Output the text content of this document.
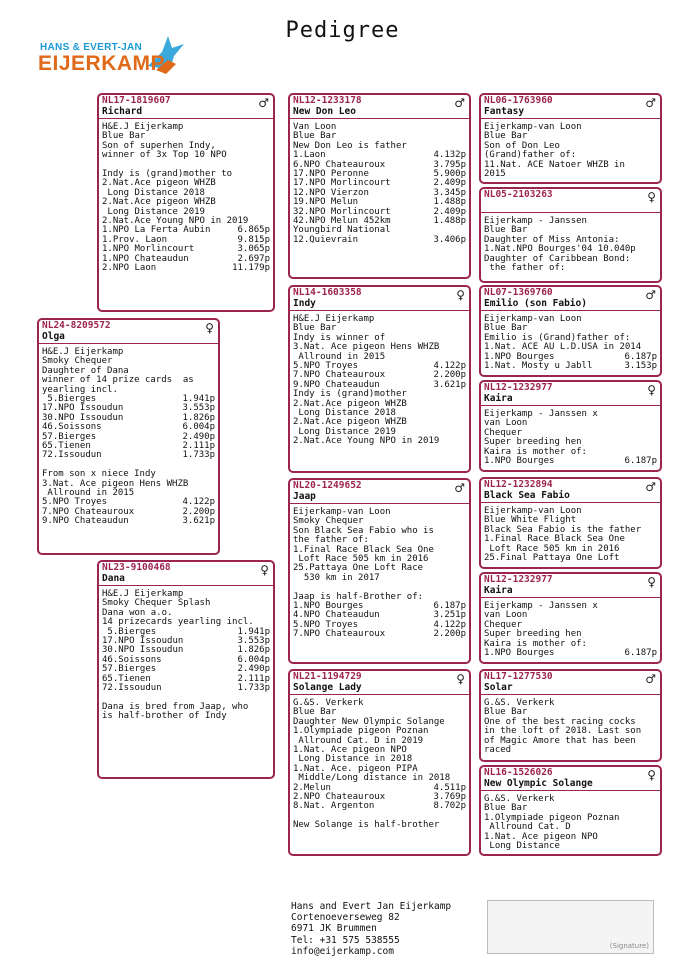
Pedigree
HANS & EVERT-JAN
EIJERKAMP
NL17-1819607
Richard
♂
H&E.J Eijerkamp
Blue Bar
Son of superhen Indy,
winner of 3x Top 10 NPO
Indy is (grand)mother to
2.Nat.Ace pigeon WHZB
Long Distance 2018
2.Nat.Ace pigeon WHZB
Long Distance 2019
2.Nat.Ace Young NPO in 2019
1.NPO La Ferta Aubin	6.865p
1.Prov. Laon	9.815p
1.NPO Morlincourt	3.065p
1.NPO Chateaudun	2.697p
2.NPO Laon	11.179p
NL12-1233178
New Don Leo
♂
Van Loon
Blue Bar
New Don Leo is father
1.Laon	4.132p
6.NPO Chateauroux	3.795p
17.NPO Peronne	5.900p
17.NPO Morlincourt	2.409p
12.NPO Vierzon	3.345p
19.NPO Melun	1.488p
32.NPO Morlincourt	2.409p
42.NPO Melun 452km	1.488p
Youngbird National
12.Quievrain	3.406p
NL06-1763960
Fantasy
♂
Eijerkamp-van Loon
Blue Bar
Son of Don Leo
(Grand)father of:
11.Nat. ACE Natoer WHZB in
2015
NL05-2103263	♀
Eijerkamp - Janssen
Blue Bar
Daughter of Miss Antonia:
1.Nat.NPO Bourges'04 10.040p
Daughter of Caribbean Bond:
the father of:
NL24-8209572
Olga
♀
H&E.J Eijerkamp
Smoky Chequer
Daughter of Dana
winner of 14 prize cards  as
yearling incl.
5.Bierges	1.941p
17.NPO Issoudun	3.553p
30.NPO Issoudun	1.826p
46.Soissons	6.004p
57.Bierges	2.490p
65.Tienen	2.111p
72.Issoudun	1.733p
From son x niece Indy
3.Nat. Ace pigeon Hens WHZB
Allround in 2015
5.NPO Troyes	4.122p
7.NPO Chateauroux	2.200p
9.NPO Chateaudun	3.621p
NL14-1603358
Indy
♀
H&E.J Eijerkamp
Blue Bar
Indy is winner of
3.Nat. Ace pigeon Hens WHZB
Allround in 2015
5.NPO Troyes	4.122p
7.NPO Chateauroux	2.200p
9.NPO Chateaudun	3.621p
Indy is (grand)mother
2.Nat.Ace pigeon WHZB
Long Distance 2018
2.Nat.Ace pigeon WHZB
Long Distance 2019
2.Nat.Ace Young NPO in 2019
NL07-1369760
Emilio (son Fabio)
♂
Eijerkamp-van Loon
Blue Bar
Emilio is (Grand)father of:
1.Nat. ACE AU L.D.USA in 2014
1.NPO Bourges	6.187p
1.Nat. Mosty u Jabll	3.153p
NL12-1232977
Kaira
♀
Eijerkamp - Janssen x
van Loon
Chequer
Super breeding hen
Kaira is mother of:
1.NPO Bourges	6.187p
NL23-9100468
Dana
♀
H&E.J Eijerkamp
Smoky Chequer Splash
Dana won a.o.
14 prizecards yearling incl.
5.Bierges	1.941p
17.NPO Issoudun	3.553p
30.NPO Issoudun	1.826p
46.Soissons	6.004p
57.Bierges	2.490p
65.Tienen	2.111p
72.Issoudun	1.733p
Dana is bred from Jaap, who
is half-brother of Indy
NL20-1249652
Jaap
♂
Eijerkamp-van Loon
Smoky Chequer
Son Black Sea Fabio who is
the father of:
1.Final Race Black Sea One
Loft Race 505 km in 2016
25.Pattaya One Loft Race
530 km in 2017
Jaap is half-Brother of:
1.NPO Bourges	6.187p
4.NPO Chateaudun	3.251p
5.NPO Troyes	4.122p
7.NPO Chateauroux	2.200p
NL12-1232894
Black Sea Fabio
♂
Eijerkamp-van Loon
Blue White Flight
Black Sea Fabio is the father
1.Final Race Black Sea One
Loft Race 505 km in 2016
25.Final Pattaya One Loft
NL12-1232977
Kaira
♀
Eijerkamp - Janssen x
van Loon
Chequer
Super breeding hen
Kaira is mother of:
1.NPO Bourges	6.187p
NL21-1194729
Solange Lady
♀
G.&S. Verkerk
Blue Bar
Daughter New Olympic Solange
1.Olympiade pigeon Poznan
Allround Cat. D in 2019
1.Nat. Ace pigeon NPO
Long Distance in 2018
1.Nat. Ace. pigeon PIPA
Middle/Long distance in 2018
2.Melun	4.511p
2.NPO Chateauroux	3.769p
8.Nat. Argenton	8.702p
New Solange is half-brother
NL17-1277530
Solar
♂
G.&S. Verkerk
Blue Bar
One of the best racing cocks
in the loft of 2018. Last son
of Magic Amore that has been
raced
NL16-1526026
New Olympic Solange
♀
G.&S. Verkerk
Blue Bar
1.Olympiade pigeon Poznan
Allround Cat. D
1.Nat. Ace pigeon NPO
Long Distance
Hans and Evert Jan Eijerkamp
Cortenoeverseweg 82
6971 JK Brummen
Tel: +31 575 538555
info@eijerkamp.com	(Signature)
